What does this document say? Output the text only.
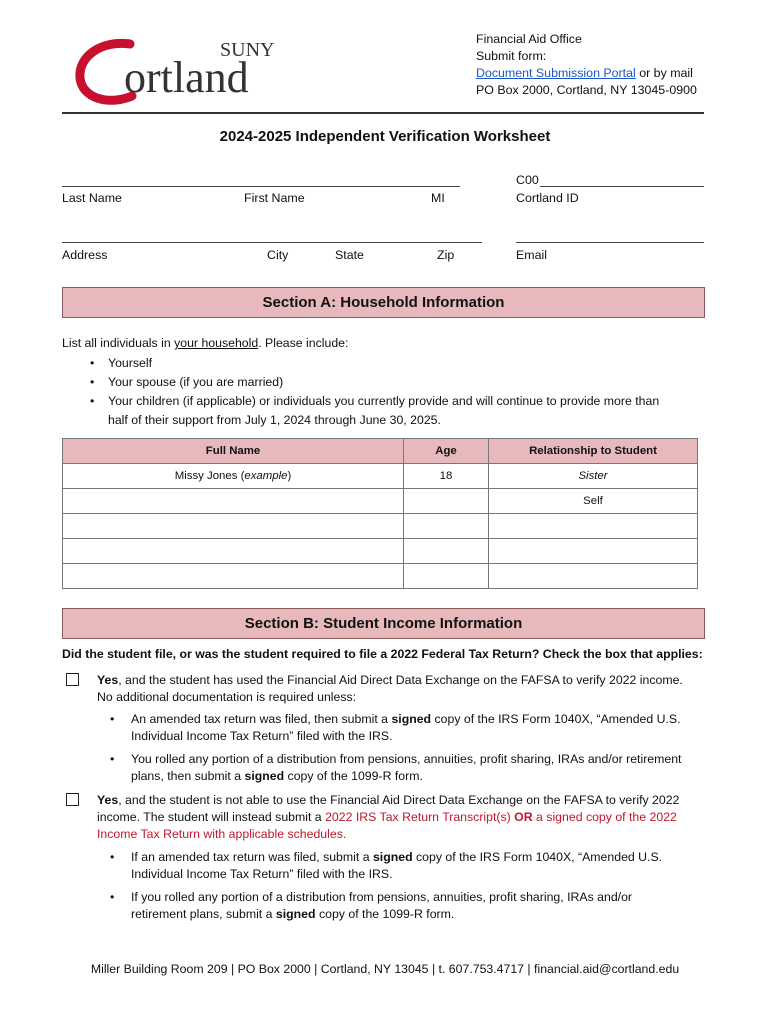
SUNY
ortland
Financial Aid Office
Submit form:
Document Submission Portal or by mail
PO Box 2000, Cortland, NY 13045-0900
2024-2025 Independent Verification Worksheet
Last Name	First Name	MI
C00
Cortland ID
Address	City	State	Zip	Email
Section A: Household Information
List all individuals in your household. Please include:
• Yourself
• Your spouse (if you are married)
• Your children (if applicable) or individuals you currently provide and will continue to provide more than
half of their support from July 1, 2024 through June 30, 2025.
Full Name	Age	Relationship to Student
Missy Jones (example)	18	Sister
		Self

Section B: Student Income Information
Did the student file, or was the student required to file a 2022 Federal Tax Return? Check the box that applies:
Yes, and the student has used the Financial Aid Direct Data Exchange on the FAFSA to verify 2022 income.
No additional documentation is required unless:
• An amended tax return was filed, then submit a signed copy of the IRS Form 1040X, “Amended U.S.
Individual Income Tax Return” filed with the IRS.
• You rolled any portion of a distribution from pensions, annuities, profit sharing, IRAs and/or retirement
plans, then submit a signed copy of the 1099-R form.
Yes, and the student is not able to use the Financial Aid Direct Data Exchange on the FAFSA to verify 2022
income. The student will instead submit a 2022 IRS Tax Return Transcript(s) OR a signed copy of the 2022
Income Tax Return with applicable schedules.
• If an amended tax return was filed, submit a signed copy of the IRS Form 1040X, “Amended U.S.
Individual Income Tax Return” filed with the IRS.
• If you rolled any portion of a distribution from pensions, annuities, profit sharing, IRAs and/or
retirement plans, submit a signed copy of the 1099-R form.
Miller Building Room 209 | PO Box 2000 | Cortland, NY 13045 | t. 607.753.4717 | financial.aid@cortland.edu
